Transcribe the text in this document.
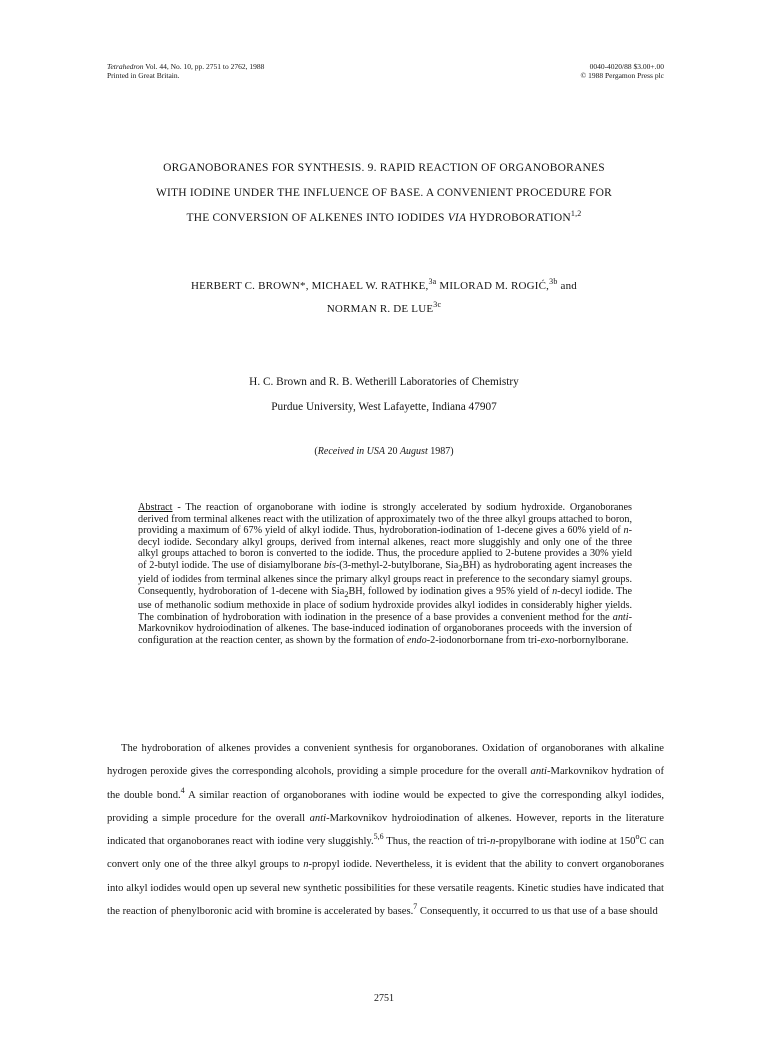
Tetrahedron Vol. 44, No. 10, pp. 2751 to 2762, 1988
Printed in Great Britain.
0040-4020/88 $3.00+.00
© 1988 Pergamon Press plc
ORGANOBORANES FOR SYNTHESIS. 9. RAPID REACTION OF ORGANOBORANES
WITH IODINE UNDER THE INFLUENCE OF BASE. A CONVENIENT PROCEDURE FOR
THE CONVERSION OF ALKENES INTO IODIDES VIA HYDROBORATION$^{1,2}$
HERBERT C. BROWN*, MICHAEL W. RATHKE,$^{3a}$ MILORAD M. ROGIĆ,$^{3b}$ and
NORMAN R. DE $LUE^{3c}$
H. C. Brown and R. B. Wetherill Laboratories of Chemistry
Purdue University, West Lafayette, Indiana 47907
(Received in USA 20 August 1987)
Abstract - The reaction of organoborane with iodine is strongly accelerated by sodium hydroxide. Organoboranes derived from terminal alkenes react with the utilization of approximately two of the three alkyl groups attached to boron, providing a maximum of 67% yield of alkyl iodide. Thus, hydroboration-iodination of 1-decene gives a 60% yield of n-decyl iodide. Secondary alkyl groups, derived from internal alkenes, react more sluggishly and only one of the three alkyl groups attached to boron is converted to the iodide. Thus, the procedure applied to 2-butene provides a 30% yield of 2-butyl iodide. The use of disiamylborane bis-(3-methyl-2-butylborane, Sia$_2$BH) as hydroborating agent increases the yield of iodides from terminal alkenes since the primary alkyl groups react in preference to the secondary siamyl groups. Consequently, hydroboration of 1-decene with Sia$_2$BH, followed by iodination gives a 95% yield of n-decyl iodide. The use of methanolic sodium methoxide in place of sodium hydroxide provides alkyl iodides in considerably higher yields. The combination of hydroboration with iodination in the presence of a base provides a convenient method for the anti-Markovnikov hydroiodination of alkenes. The base-induced iodination of organoboranes proceeds with the inversion of configuration at the reaction center, as shown by the formation of endo-2-iodonorbornane from tri-exo-norbornylborane.

The hydroboration of alkenes provides a convenient synthesis for organoboranes. Oxidation of organoboranes with alkaline hydrogen peroxide gives the corresponding alcohols, providing a simple procedure for the overall anti-Markovnikov hydration of the double bond.$^4$ A similar reaction of organoboranes with iodine would be expected to give the corresponding alkyl iodides, providing a simple procedure for the overall anti-Markovnikov hydroiodination of alkenes. However, reports in the literature indicated that organoboranes react with iodine very sluggishly.$^{5,6}$ Thus, the reaction of tri-n-propylborane with iodine at 150$^o$C can convert only one of the three alkyl groups to n-propyl iodide. Nevertheless, it is evident that the ability to convert organoboranes into alkyl iodides would open up several new synthetic possibilities for these versatile reagents. Kinetic studies have indicated that the reaction of phenylboronic acid with bromine is accelerated by bases.$^7$ Consequently, it occurred to us that use of a base should

2751
